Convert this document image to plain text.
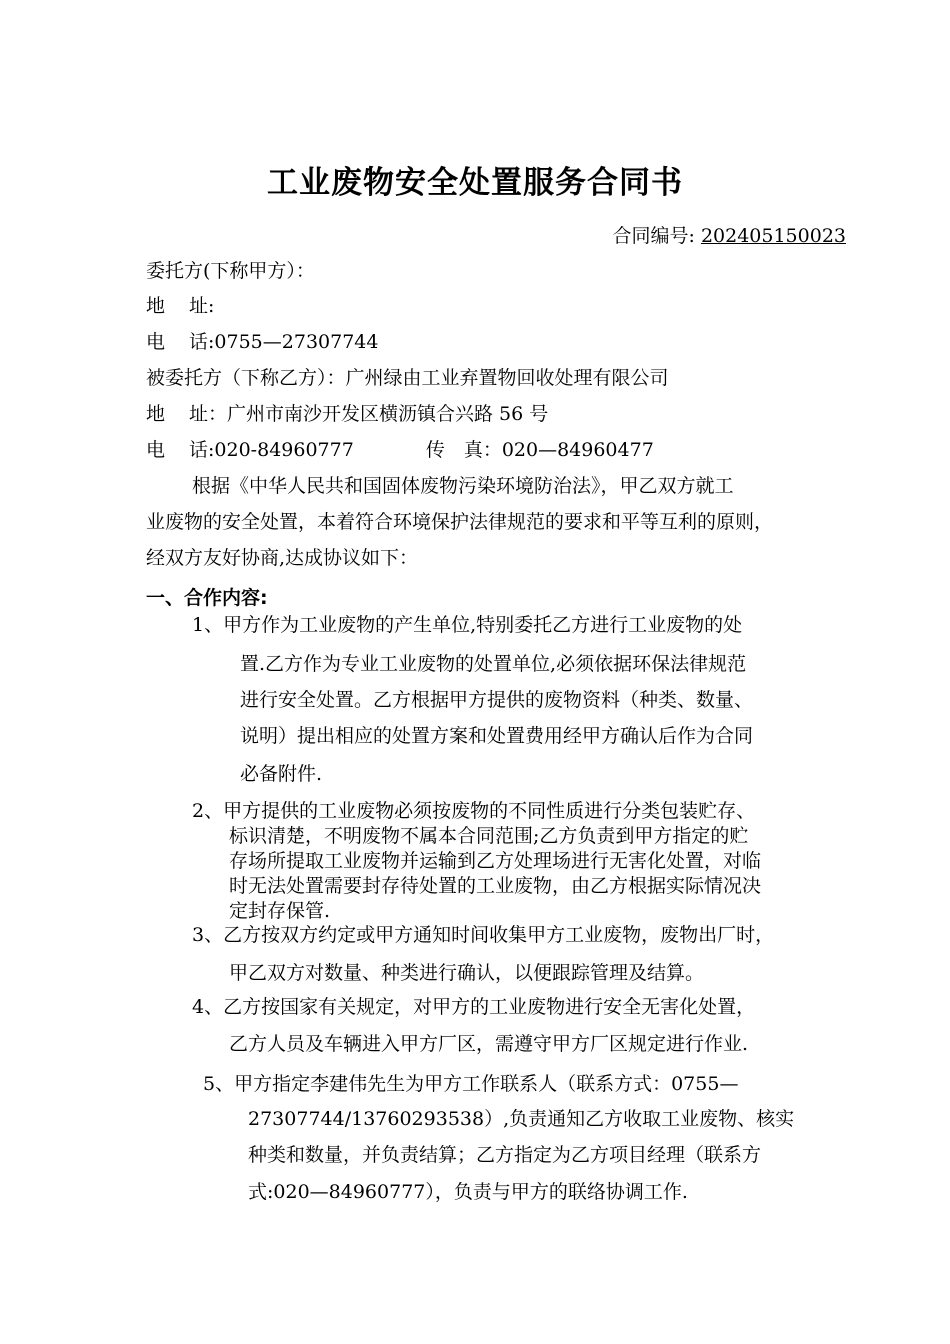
工业废物安全处置服务合同书
合同编号: 202405150023
委托方(下称甲方）：
地 址:
电 话:0755—27307744
被委托方（下称乙方）：广州绿由工业弃置物回收处理有限公司
地 址：广州市南沙开发区横沥镇合兴路 56 号
电 话:020-84960777	传　真：020—84960477
根据《中华人民共和国固体废物污染环境防治法》，甲乙双方就工
业废物的安全处置，本着符合环境保护法律规范的要求和平等互利的原则，
经双方友好协商,达成协议如下：
一、合作内容:
1、甲方作为工业废物的产生单位,特别委托乙方进行工业废物的处
置.乙方作为专业工业废物的处置单位,必须依据环保法律规范
进行安全处置。乙方根据甲方提供的废物资料（种类、数量、
说明）提出相应的处置方案和处置费用经甲方确认后作为合同
必备附件.
2、甲方提供的工业废物必须按废物的不同性质进行分类包装贮存、
标识清楚，不明废物不属本合同范围;乙方负责到甲方指定的贮
存场所提取工业废物并运输到乙方处理场进行无害化处置，对临
时无法处置需要封存待处置的工业废物，由乙方根据实际情况决
定封存保管.
3、乙方按双方约定或甲方通知时间收集甲方工业废物，废物出厂时，
甲乙双方对数量、种类进行确认，以便跟踪管理及结算。
4、乙方按国家有关规定，对甲方的工业废物进行安全无害化处置，
乙方人员及车辆进入甲方厂区，需遵守甲方厂区规定进行作业.
5、甲方指定李建伟先生为甲方工作联系人（联系方式：0755—
27307744/13760293538）,负责通知乙方收取工业废物、核实
种类和数量，并负责结算；乙方指定为乙方项目经理（联系方
式:020—84960777），负责与甲方的联络协调工作.
